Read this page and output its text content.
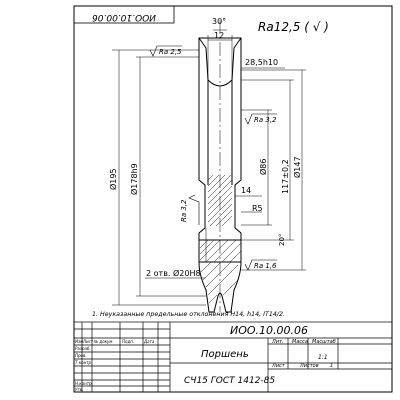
ИОО.10.00.06
Ra12,5 ( √ )
30°
12
28,5h10
Ø195 Ø178h9	Ø86	Ø147
117±0,2
14
R5
20°
2 отв. Ø20H8
Ra 2,5
Ra 3,2
Ra 3,2
Ra 1,6
1. Неуказанные предельные отклонения H14, h14, IT14/2.
ИОО.10.00.06
Поршень
СЧ15 ГОСТ 1412-85
Лит. Масса Масштаб
1:1
Лист	Листов 1
Изм Лист № докум. Подп. Дата
Разраб.
Пров.
Т.контр.
Н.контр.
Утв.
